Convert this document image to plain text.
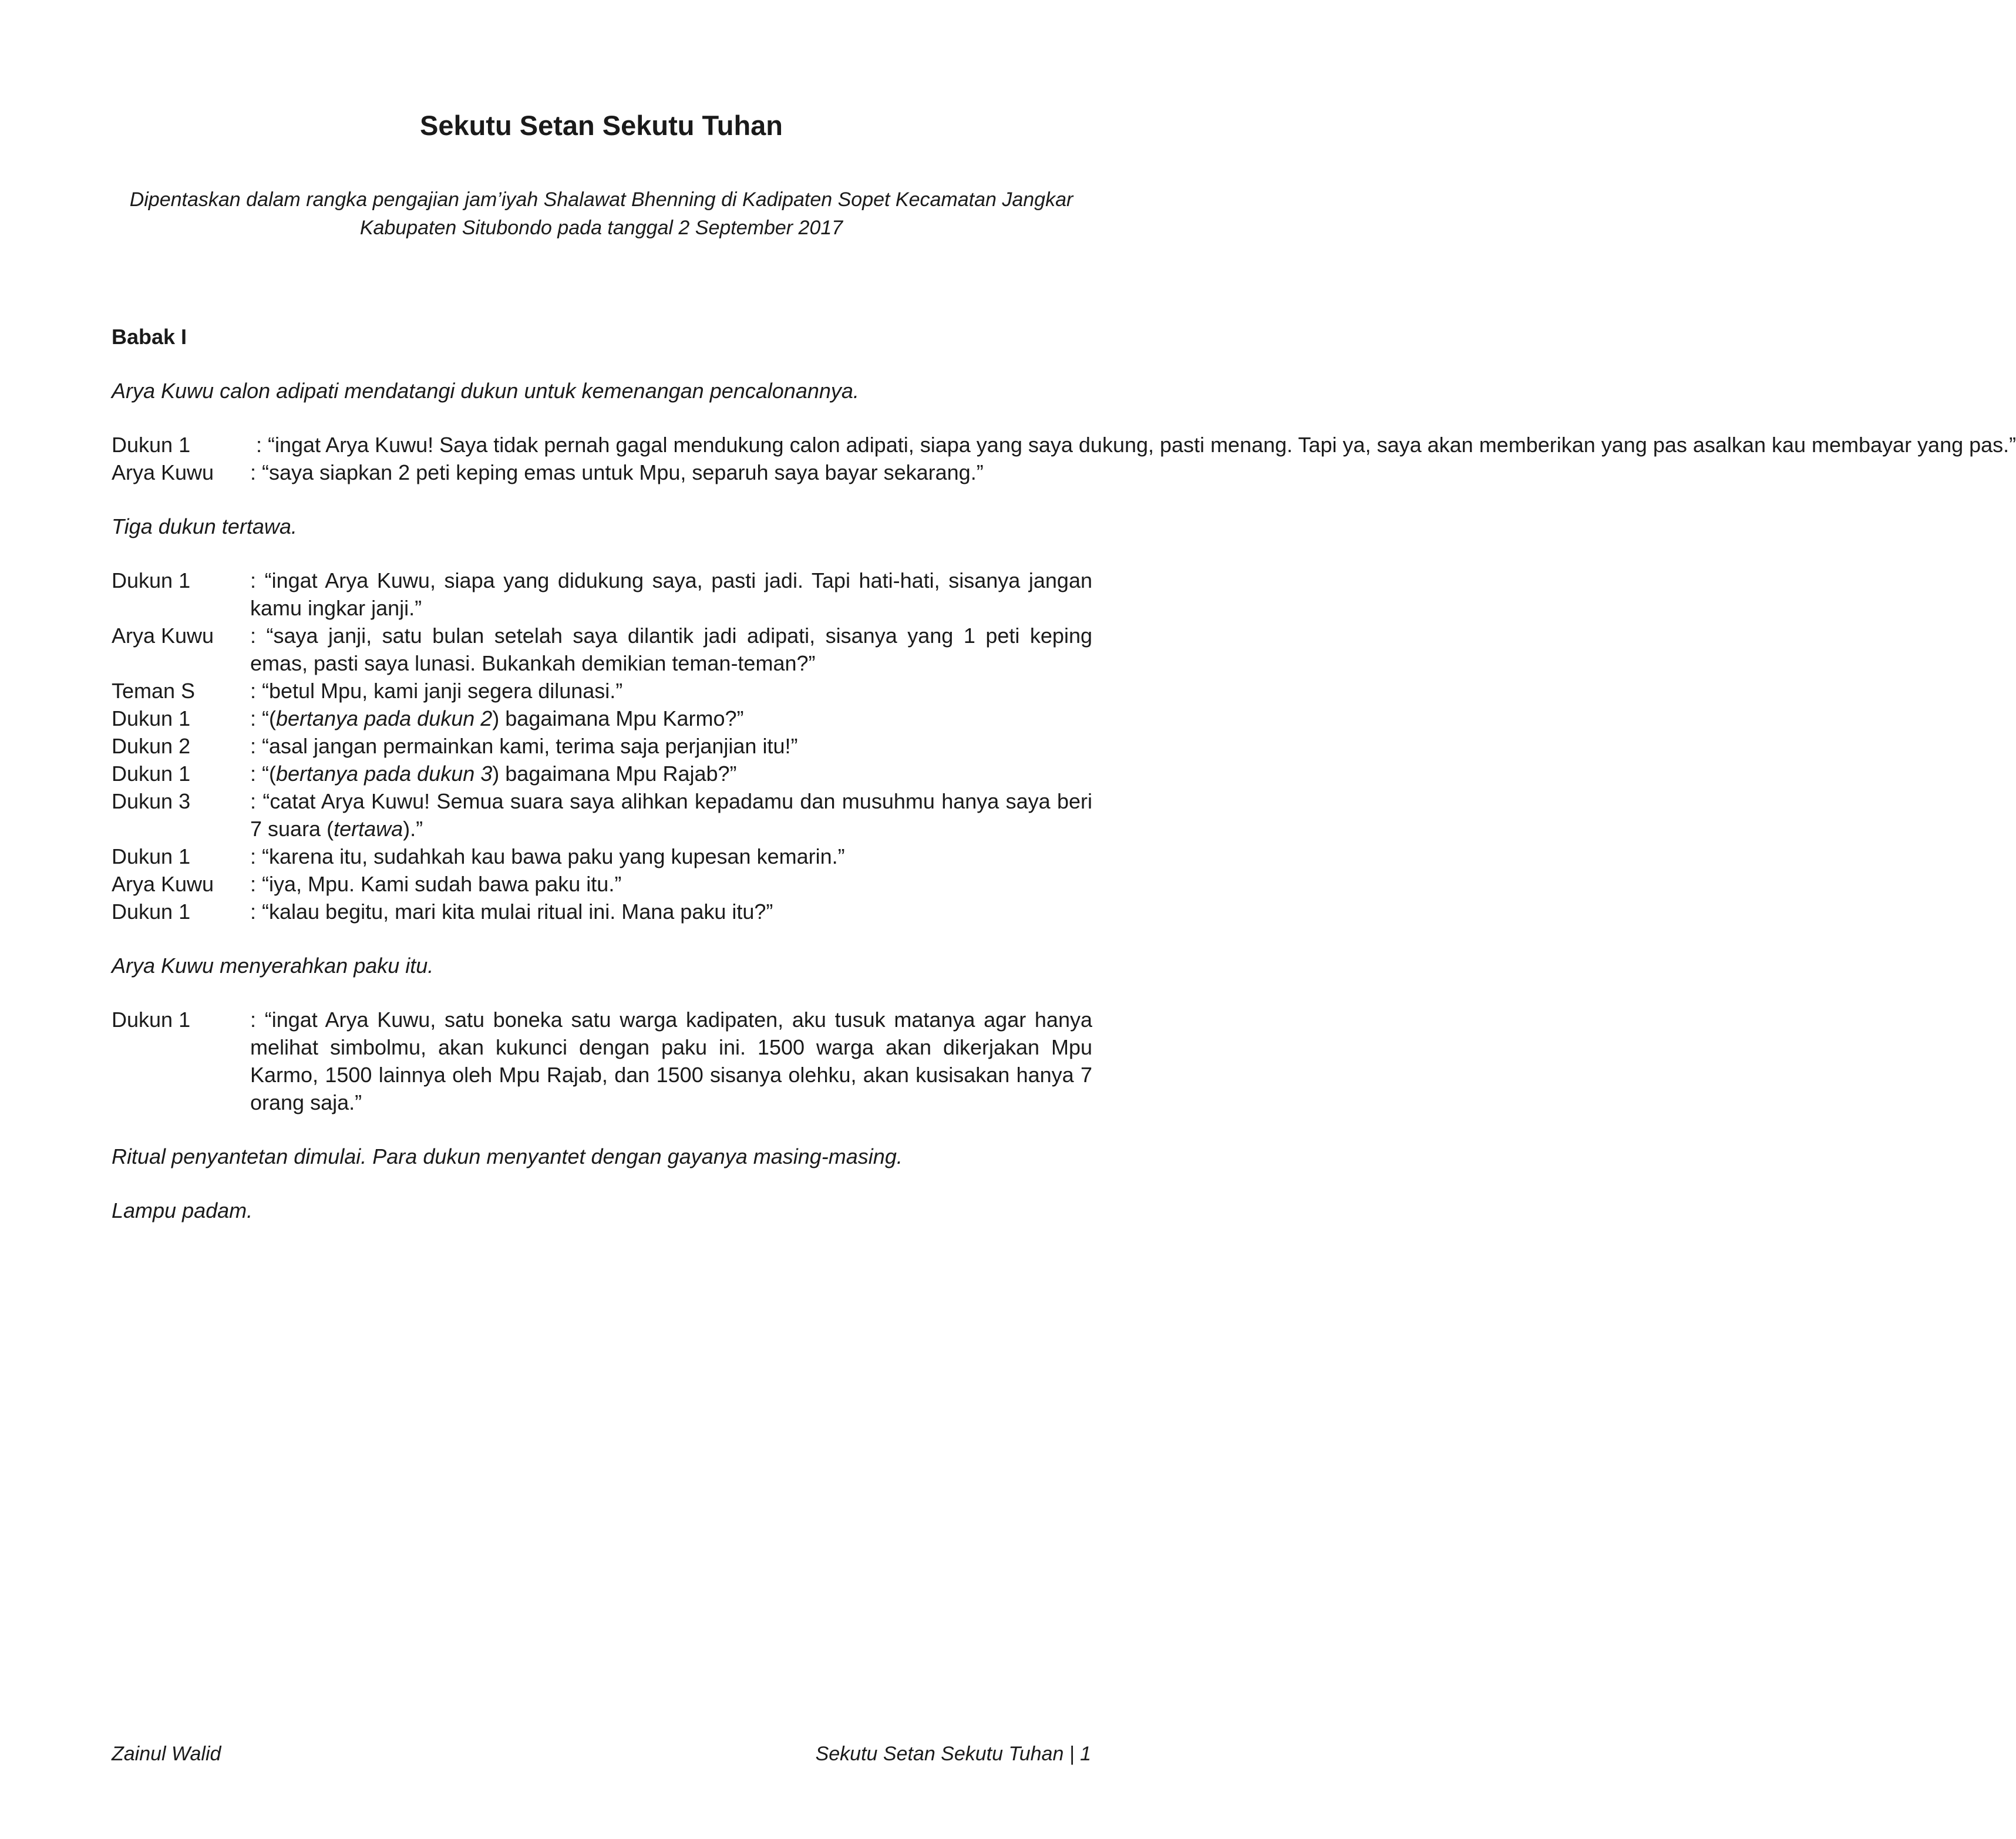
Sekutu Setan Sekutu Tuhan

Dipentaskan dalam rangka pengajian jam’iyah Shalawat Bhenning di Kadipaten Sopet Kecamatan Jangkar Kabupaten Situbondo pada tanggal 2 September 2017

Babak I

Arya Kuwu calon adipati mendatangi dukun untuk kemenangan pencalonannya.

Dukun 1	: “ingat Arya Kuwu! Saya tidak pernah gagal mendukung calon adipati, siapa yang saya dukung, pasti menang. Tapi ya, saya akan memberikan yang pas asalkan kau membayar yang pas.”
Arya Kuwu	: “saya siapkan 2 peti keping emas untuk Mpu, separuh saya bayar sekarang.”

Tiga dukun tertawa.

Dukun 1	: “ingat Arya Kuwu, siapa yang didukung saya, pasti jadi. Tapi hati-hati, sisanya jangan kamu ingkar janji.”
Arya Kuwu	: “saya janji, satu bulan setelah saya dilantik jadi adipati, sisanya yang 1 peti keping emas, pasti saya lunasi. Bukankah demikian teman-teman?”
Teman S	: “betul Mpu, kami janji segera dilunasi.”
Dukun 1	: “(bertanya pada dukun 2) bagaimana Mpu Karmo?”
Dukun 2	: “asal jangan permainkan kami, terima saja perjanjian itu!”
Dukun 1	: “(bertanya pada dukun 3) bagaimana Mpu Rajab?”
Dukun 3	: “catat Arya Kuwu! Semua suara saya alihkan kepadamu dan musuhmu hanya saya beri 7 suara (tertawa).”
Dukun 1	: “karena itu, sudahkah kau bawa paku yang kupesan kemarin.”
Arya Kuwu	: “iya, Mpu. Kami sudah bawa paku itu.”
Dukun 1	: “kalau begitu, mari kita mulai ritual ini. Mana paku itu?”

Arya Kuwu menyerahkan paku itu.

Dukun 1	: “ingat Arya Kuwu, satu boneka satu warga kadipaten, aku tusuk matanya agar hanya melihat simbolmu, akan kukunci dengan paku ini. 1500 warga akan dikerjakan Mpu Karmo, 1500 lainnya oleh Mpu Rajab, dan 1500 sisanya olehku, akan kusisakan hanya 7 orang saja.”

Ritual penyantetan dimulai. Para dukun menyantet dengan gayanya masing-masing.

Lampu padam.

Zainul Walid	Sekutu Setan Sekutu Tuhan | 1
